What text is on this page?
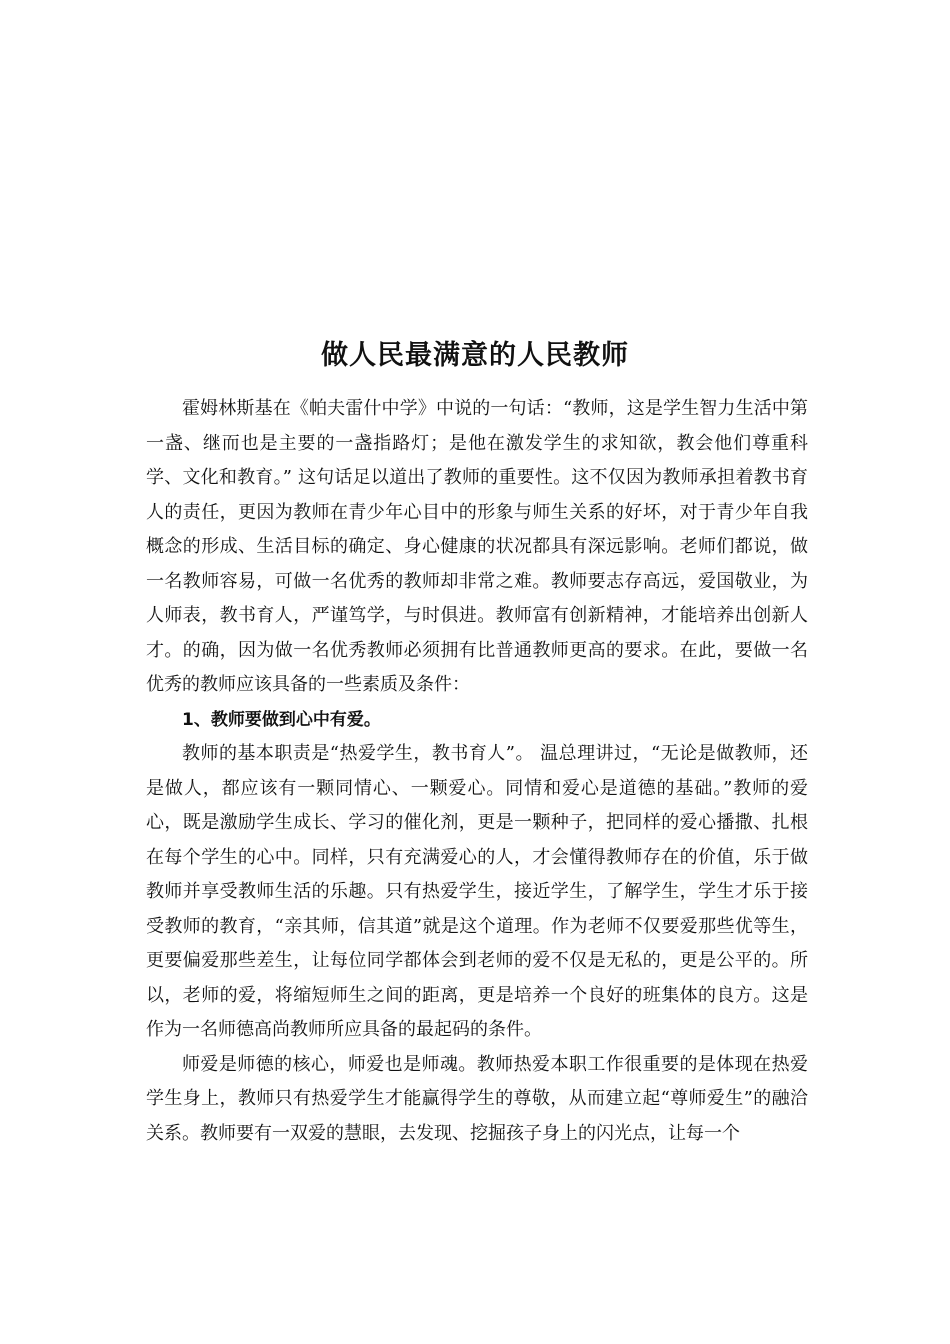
做人民最满意的人民教师

霍姆林斯基在《帕夫雷什中学》中说的一句话：“教师，这是学生智力生活中第一盏、继而也是主要的一盏指路灯；是他在激发学生的求知欲，教会他们尊重科学、文化和教育。” 这句话足以道出了教师的重要性。这不仅因为教师承担着教书育人的责任，更因为教师在青少年心目中的形象与师生关系的好坏，对于青少年自我概念的形成、生活目标的确定、身心健康的状况都具有深远影响。老师们都说，做一名教师容易，可做一名优秀的教师却非常之难。教师要志存高远，爱国敬业，为人师表，教书育人，严谨笃学，与时俱进。教师富有创新精神，才能培养出创新人才。的确，因为做一名优秀教师必须拥有比普通教师更高的要求。在此，要做一名优秀的教师应该具备的一些素质及条件：

1、教师要做到心中有爱。

教师的基本职责是“热爱学生，教书育人”。 温总理讲过，“无论是做教师，还是做人，都应该有一颗同情心、一颗爱心。同情和爱心是道德的基础。”教师的爱心，既是激励学生成长、学习的催化剂，更是一颗种子，把同样的爱心播撒、扎根在每个学生的心中。同样，只有充满爱心的人，才会懂得教师存在的价值，乐于做教师并享受教师生活的乐趣。只有热爱学生，接近学生，了解学生，学生才乐于接受教师的教育，“亲其师，信其道”就是这个道理。作为老师不仅要爱那些优等生，更要偏爱那些差生，让每位同学都体会到老师的爱不仅是无私的，更是公平的。所以，老师的爱，将缩短师生之间的距离，更是培养一个良好的班集体的良方。这是作为一名师德高尚教师所应具备的最起码的条件。

师爱是师德的核心，师爱也是师魂。教师热爱本职工作很重要的是体现在热爱学生身上，教师只有热爱学生才能赢得学生的尊敬，从而建立起“尊师爱生”的融洽关系。教师要有一双爱的慧眼，去发现、挖掘孩子身上的闪光点，让每一个
